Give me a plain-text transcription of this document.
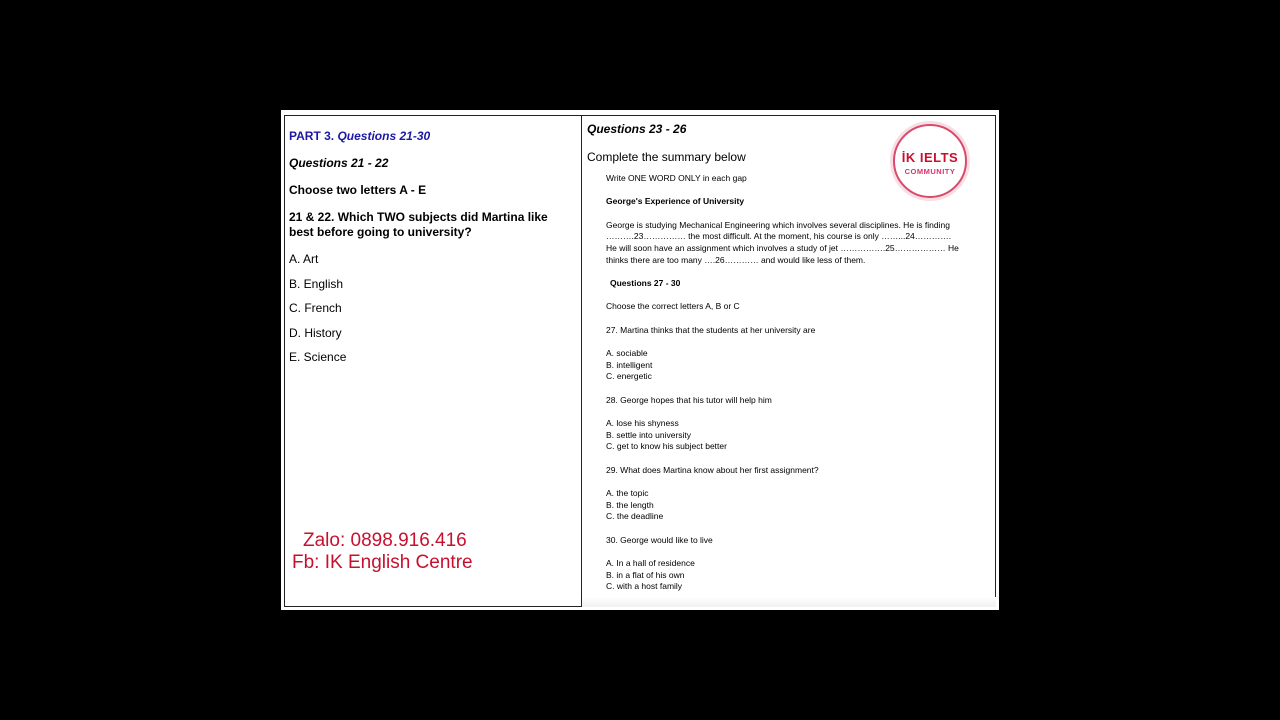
PART 3. Questions 21-30

Questions 21 - 22

Choose two letters A - E

21 & 22. Which TWO subjects did Martina like best before going to university?

A. Art

B. English

C. French

D. History

E. Science

Zalo: 0898.916.416
Fb: IK English Centre

Questions 23 - 26

Complete the summary below

Write ONE WORD ONLY in each gap

George's Experience of University

George is studying Mechanical Engineering which involves several disciplines. He is finding

……….23…………… the most difficult. At the moment, his course is only ……...24………….

He will soon have an assignment which involves a study of jet …………….25……………… He

thinks there are too many ….26………… and would like less of them.

Questions 27 - 30

Choose the correct letters A, B or C

27. Martina thinks that the students at her university are

A. sociable

B. intelligent

C. energetic

28. George hopes that his tutor will help him

A. lose his shyness

B. settle into university

C. get to know his subject better

29. What does Martina know about her first assignment?

A. the topic

B. the length

C. the deadline

30. George would like to live

A. In a hall of residence

B. in a flat of his own

C. with a host family

İK IELTS
COMMUNITY
